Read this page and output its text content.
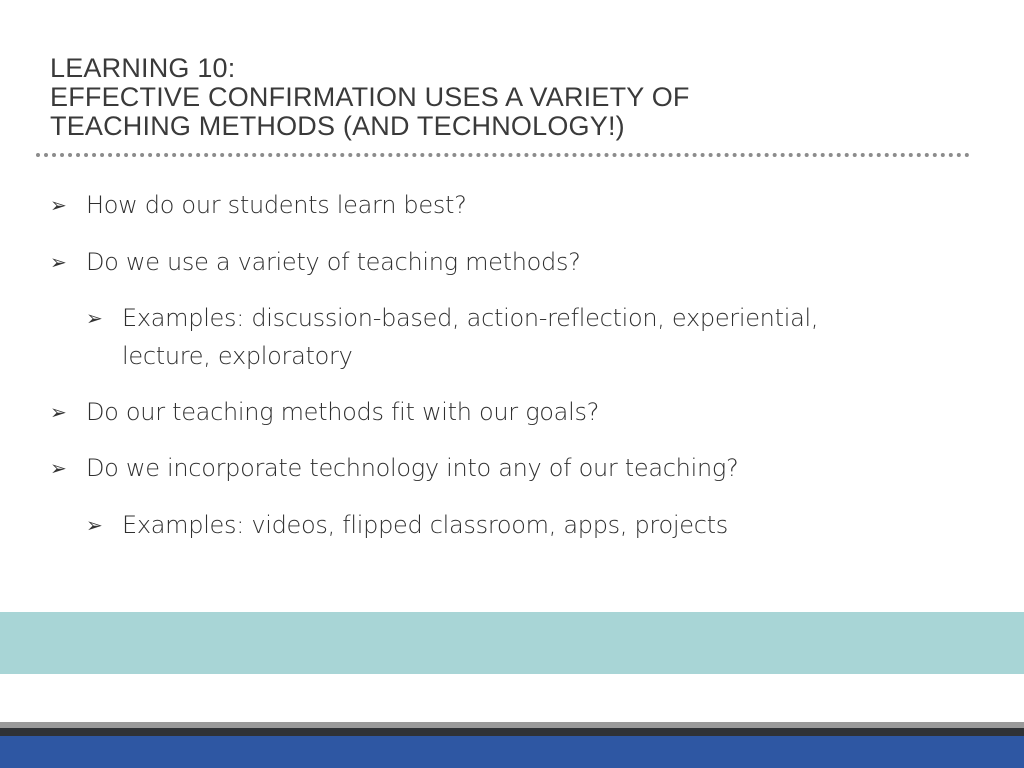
LEARNING 10:
EFFECTIVE CONFIRMATION USES A VARIETY OF
TEACHING METHODS (AND TECHNOLOGY!)
➢ How do our students learn best?
➢ Do we use a variety of teaching methods?
➢ Examples: discussion-based, action-reflection, experiential, lecture, exploratory
➢ Do our teaching methods fit with our goals?
➢ Do we incorporate technology into any of our teaching?
➢ Examples: videos, flipped classroom, apps, projects
